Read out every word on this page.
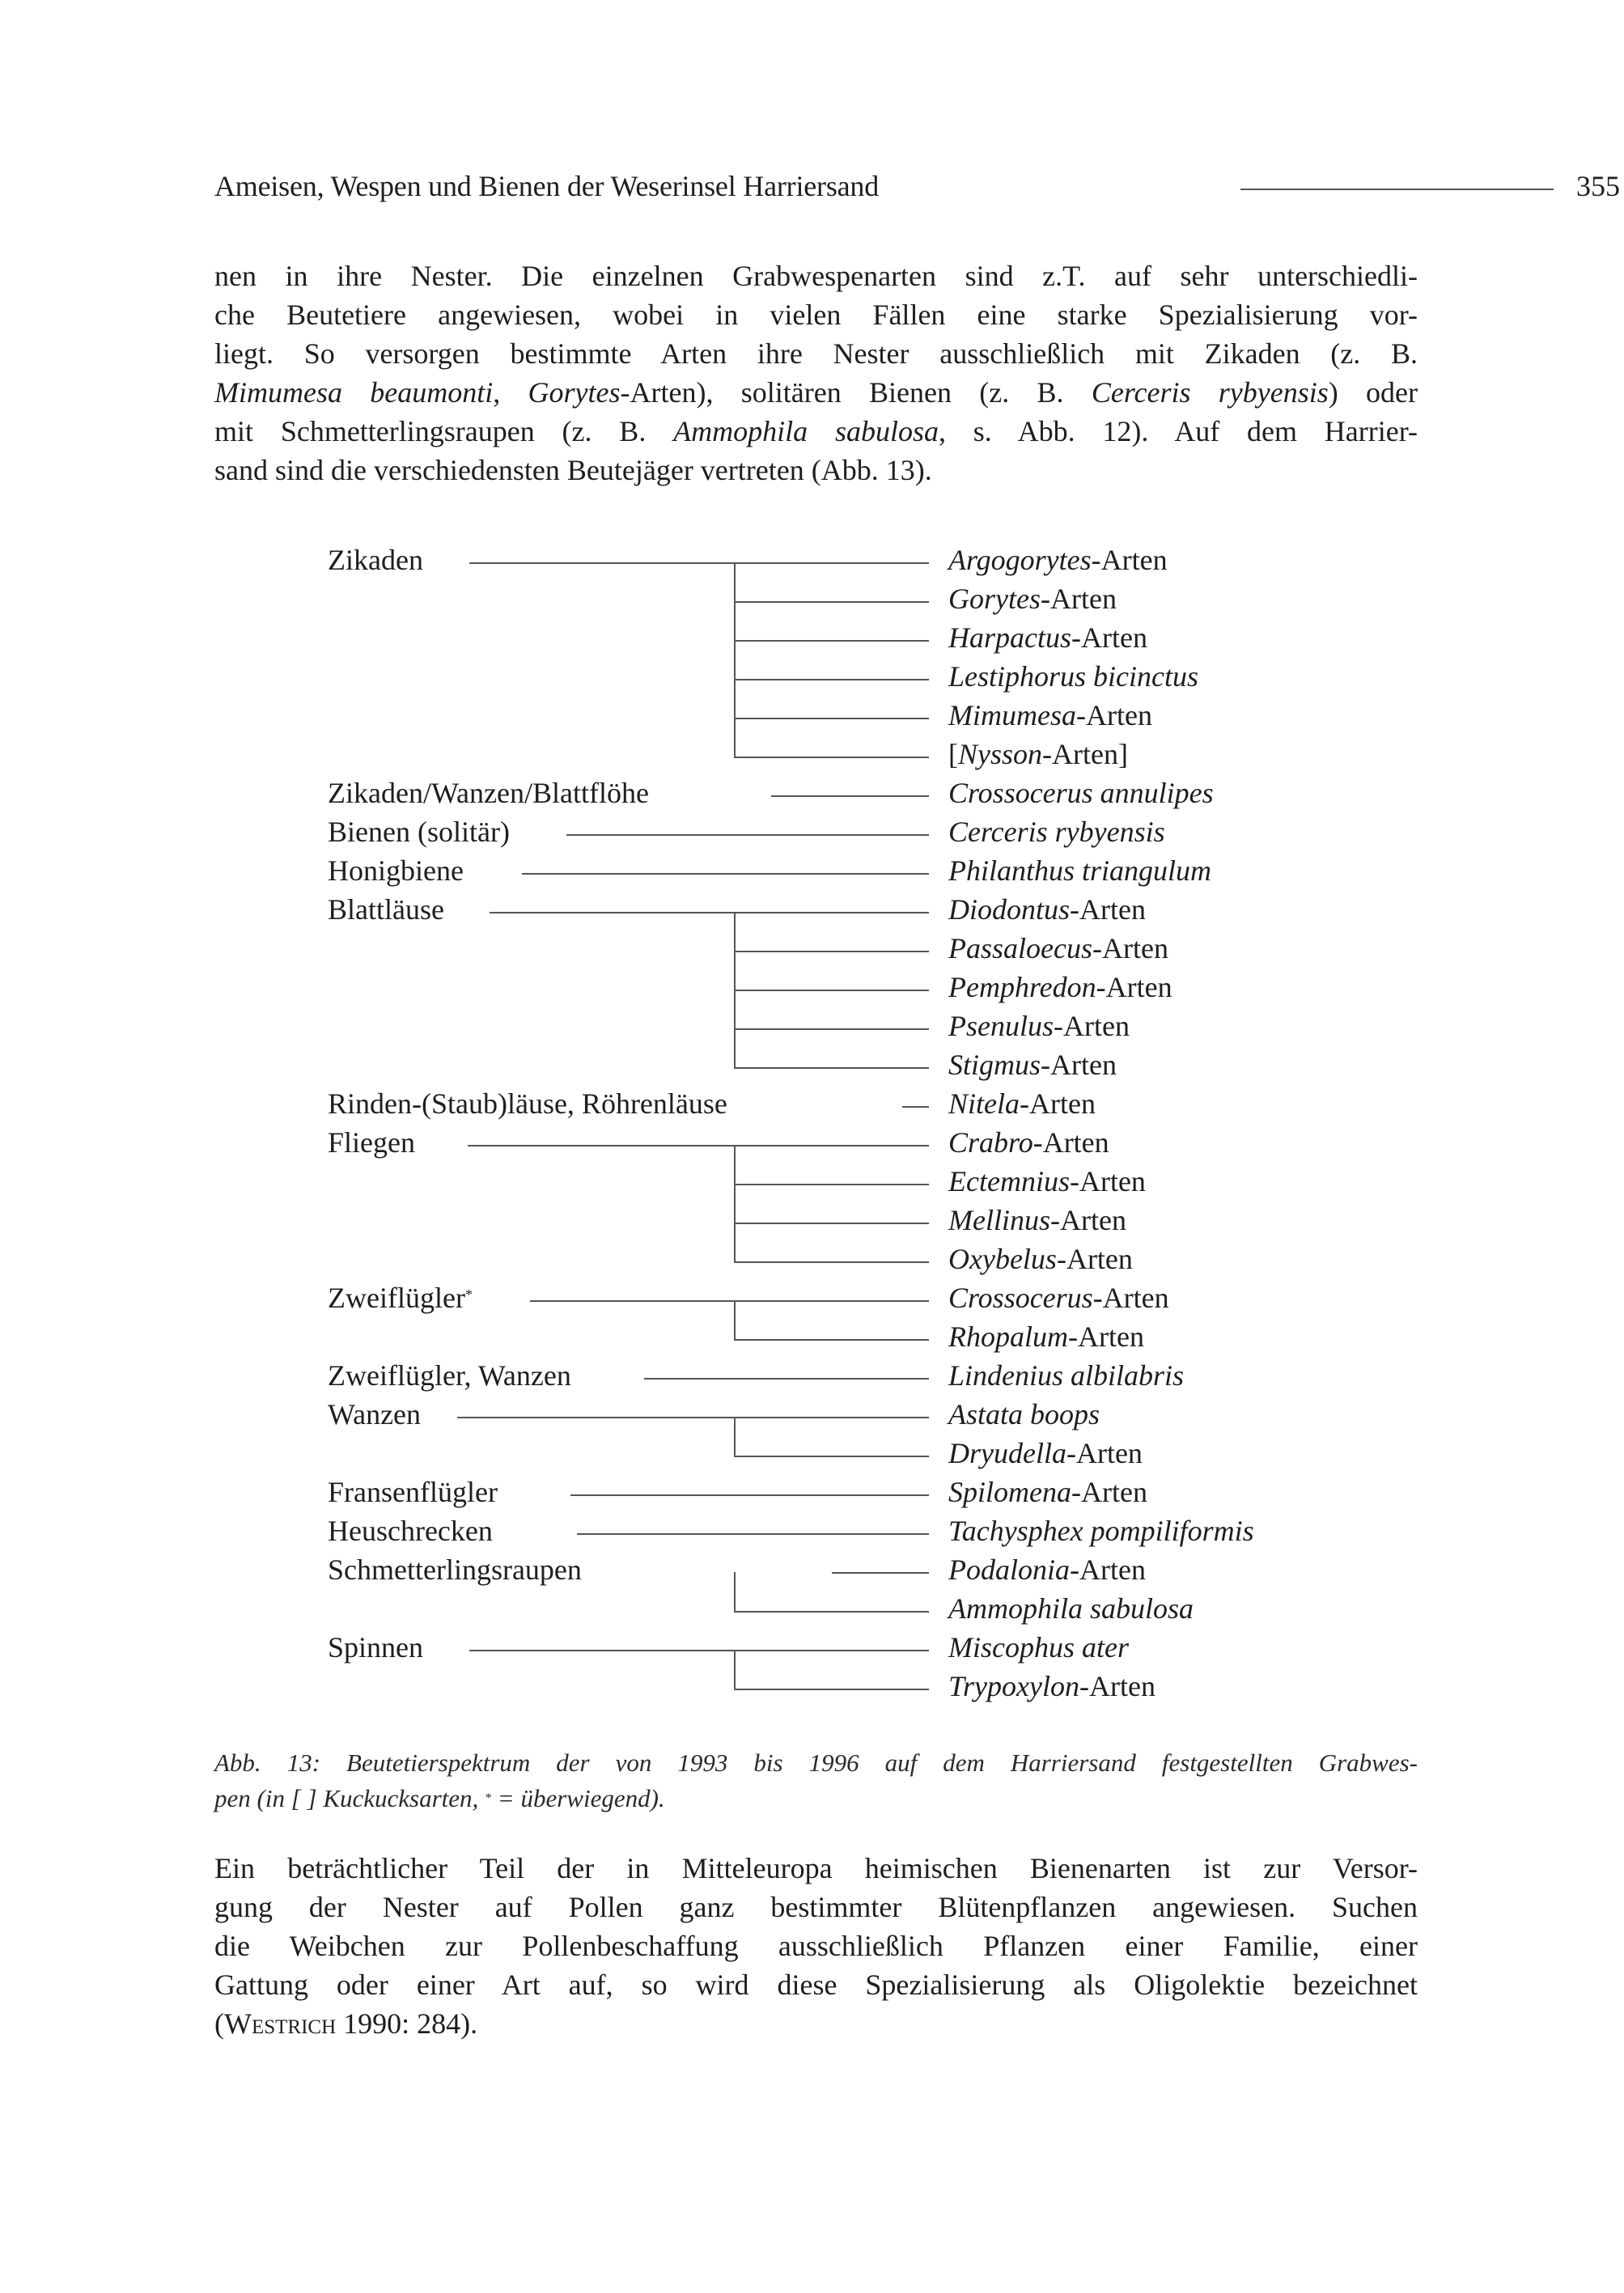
Ameisen, Wespen und Bienen der Weserinsel Harriersand	355
nen in ihre Nester. Die einzelnen Grabwespenarten sind z.T. auf sehr unterschiedli-
che Beutetiere angewiesen, wobei in vielen Fällen eine starke Spezialisierung vor-
liegt. So versorgen bestimmte Arten ihre Nester ausschließlich mit Zikaden (z. B.
Mimumesa beaumonti, Gorytes-Arten), solitären Bienen (z. B. Cerceris rybyensis) oder
mit Schmetterlingsraupen (z. B. Ammophila sabulosa, s. Abb. 12). Auf dem Harrier-
sand sind die verschiedensten Beutejäger vertreten (Abb. 13).
Zikaden	Argogorytes-Arten
Gorytes-Arten
Harpactus-Arten
Lestiphorus bicinctus
Mimumesa-Arten
[Nysson-Arten]
Zikaden/Wanzen/Blattflöhe	Crossocerus annulipes
Bienen (solitär)	Cerceris rybyensis
Honigbiene	Philanthus triangulum
Blattläuse	Diodontus-Arten
Passaloecus-Arten
Pemphredon-Arten
Psenulus-Arten
Stigmus-Arten
Rinden-(Staub)läuse, Röhrenläuse	Nitela-Arten
Fliegen	Crabro-Arten
Ectemnius-Arten
Mellinus-Arten
Oxybelus-Arten
Zweiflügler*	Crossocerus-Arten
Rhopalum-Arten
Zweiflügler, Wanzen	Lindenius albilabris
Wanzen	Astata boops
Dryudella-Arten
Fransenflügler	Spilomena-Arten
Heuschrecken	Tachysphex pompiliformis
Schmetterlingsraupen	Podalonia-Arten
Ammophila sabulosa
Spinnen	Miscophus ater
Trypoxylon-Arten
Abb. 13: Beutetierspektrum der von 1993 bis 1996 auf dem Harriersand festgestellten Grabwes-
pen (in [ ] Kuckucksarten, * = überwiegend).
Ein beträchtlicher Teil der in Mitteleuropa heimischen Bienenarten ist zur Versor-
gung der Nester auf Pollen ganz bestimmter Blütenpflanzen angewiesen. Suchen
die Weibchen zur Pollenbeschaffung ausschließlich Pflanzen einer Familie, einer
Gattung oder einer Art auf, so wird diese Spezialisierung als Oligolektie bezeichnet
(Westrich 1990: 284).
